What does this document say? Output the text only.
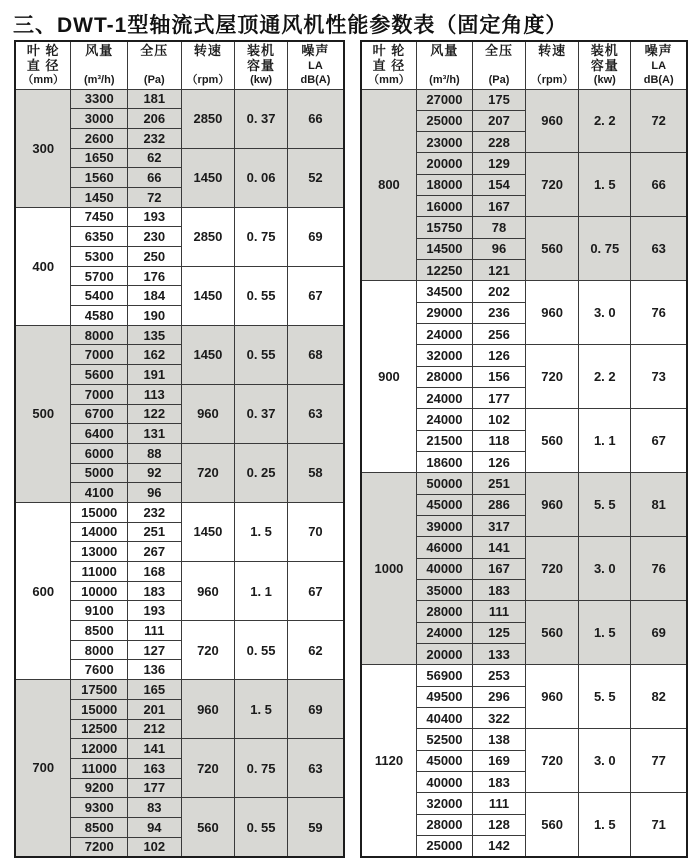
三、DWT-1型轴流式屋顶通风机性能参数表（固定角度）
叶 轮
直 径
（mm）	风量
(m³/h)	全压
(Pa)	转速
（rpm）	装机
容量
(kw)	噪声
LA
dB(A)

300	3300	181	2850	0. 37	66
	3000	206			
	2600	232			
	1650	62	1450	0. 06	52
	1560	66			
	1450	72			
400	7450	193	2850	0. 75	69
	6350	230			
	5300	250			
	5700	176	1450	0. 55	67
	5400	184			
	4580	190			
500	8000	135	1450	0. 55	68
	7000	162			
	5600	191			
	7000	113	960	0. 37	63
	6700	122			
	6400	131			
	6000	88	720	0. 25	58
	5000	92			
	4100	96			
600	15000	232	1450	1. 5	70
	14000	251			
	13000	267			
	11000	168	960	1. 1	67
	10000	183			
	9100	193			
	8500	111	720	0. 55	62
	8000	127			
	7600	136			
700	17500	165	960	1. 5	69
	15000	201			
	12500	212			
	12000	141	720	0. 75	63
	11000	163			
	9200	177			
	9300	83	560	0. 55	59
	8500	94			
	7200	102			
叶 轮
直 径
（mm）	风量
(m³/h)	全压
(Pa)	转速
（rpm）	装机
容量
(kw)	噪声
LA
dB(A)

800	27000	175	960	2. 2	72
	25000	207			
	23000	228			
	20000	129	720	1. 5	66
	18000	154			
	16000	167			
	15750	78	560	0. 75	63
	14500	96			
	12250	121			
900	34500	202	960	3. 0	76
	29000	236			
	24000	256			
	32000	126	720	2. 2	73
	28000	156			
	24000	177			
	24000	102	560	1. 1	67
	21500	118			
	18600	126			
1000	50000	251	960	5. 5	81
	45000	286			
	39000	317			
	46000	141	720	3. 0	76
	40000	167			
	35000	183			
	28000	111	560	1. 5	69
	24000	125			
	20000	133			
1120	56900	253	960	5. 5	82
	49500	296			
	40400	322			
	52500	138	720	3. 0	77
	45000	169			
	40000	183			
	32000	111	560	1. 5	71
	28000	128			
	25000	142			
